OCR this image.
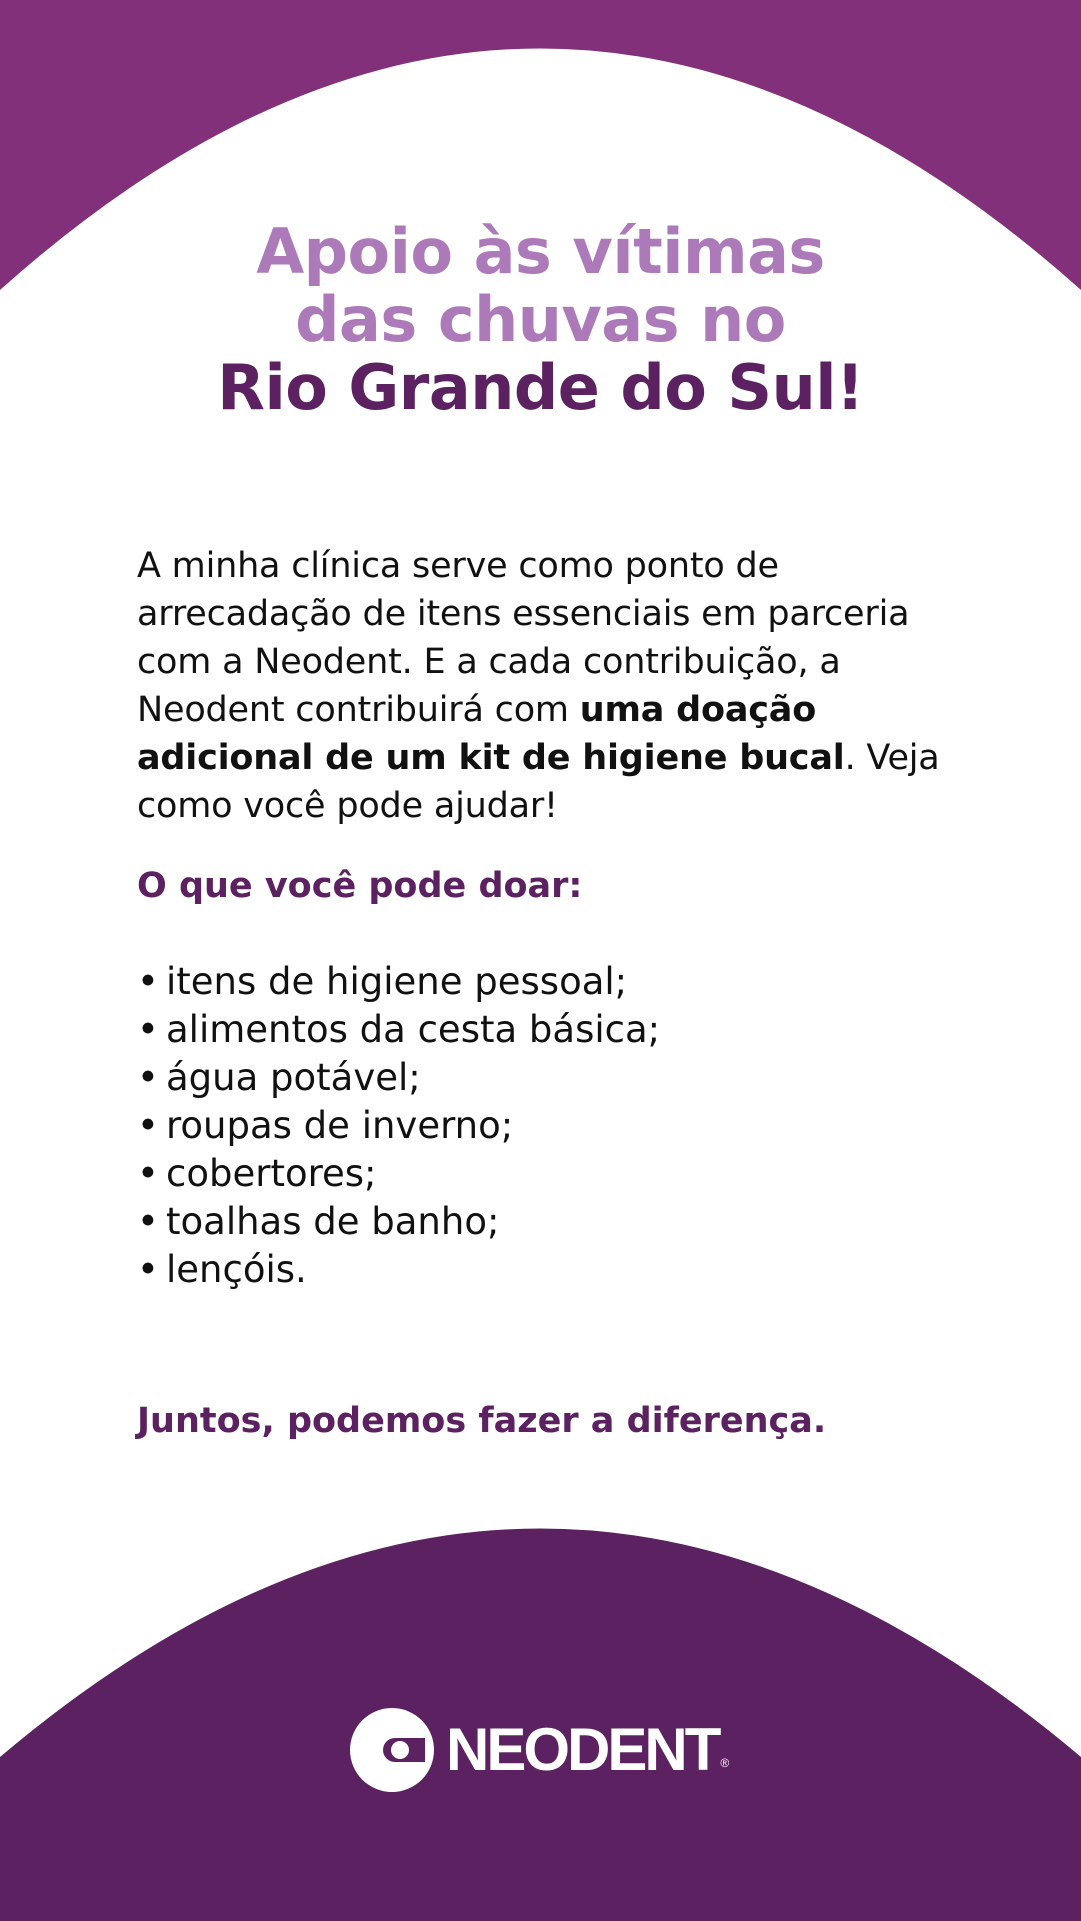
Apoio às vítimas
das chuvas no
Rio Grande do Sul!

A minha clínica serve como ponto de arrecadação de itens essenciais em parceria com a Neodent. E a cada contribuição, a Neodent contribuirá com uma doação adicional de um kit de higiene bucal. Veja como você pode ajudar!

O que você pode doar:
• itens de higiene pessoal;
• alimentos da cesta básica;
• água potável;
• roupas de inverno;
• cobertores;
• toalhas de banho;
• lençóis.

Juntos, podemos fazer a diferença.

NEODENT ®
